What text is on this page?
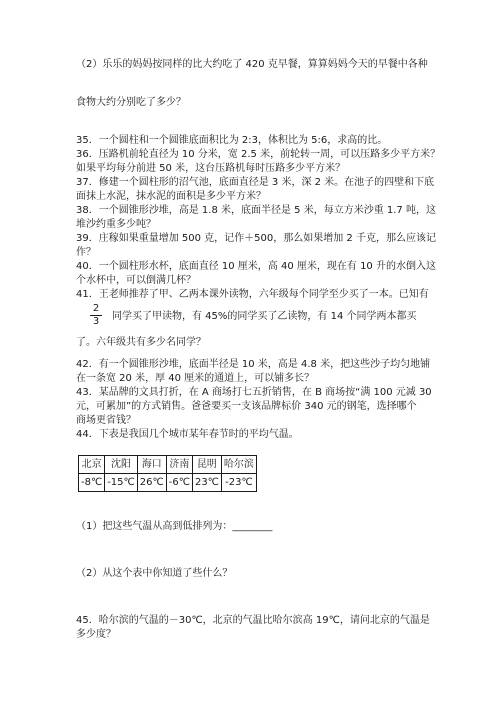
（2）乐乐的妈妈按同样的比大约吃了 420 克早餐，算算妈妈今天的早餐中各种
食物大约分别吃了多少？
35．一个圆柱和一个圆锥底面积比为 2:3，体积比为 5:6，求高的比。
36．压路机前轮直径为 10 分米，宽 2.5 米，前轮转一周，可以压路多少平方米？
如果平均每分前进 50 米，这台压路机每时压路多少平方米？
37．修建一个圆柱形的沼气池，底面直径是 3 米，深 2 米。在池子的四壁和下底
面抹上水泥，抹水泥的面积是多少平方米？
38．一个圆锥形沙堆，高是 1.8 米，底面半径是 5 米，每立方米沙重 1.7 吨，这
堆沙约重多少吨？
39．庄稼如果重量增加 500 克，记作＋500，那么如果增加 2 千克，那么应该记
作？
40．一个圆柱形水杯，底面直径 10 厘米，高 40 厘米，现在有 10 升的水倒入这
个水杯中，可以倒满几杯？
41．王老师推荐了甲、乙两本课外读物，六年级每个同学至少买了一本。已知有
$\frac{2}{3}$ 同学买了甲读物，有 45%的同学买了乙读物，有 14 个同学两本都买
了。六年级共有多少名同学？
42．有一个圆锥形沙堆，底面半径是 10 米，高是 4.8 米，把这些沙子均匀地铺
在一条宽 20 米，厚 40 厘米的通道上，可以铺多长？
43．某品牌的文具打折，在 A 商场打七五折销售，在 B 商场按“满 100 元减 30
元，可累加”的方式销售。爸爸要买一支该品牌标价 340 元的钢笔，选择哪个
商场更省钱？
44．下表是我国几个城市某年春节时的平均气温。
北京	沈阳	海口	济南	昆明	哈尔滨
-8℃	-15℃	26℃	-6℃	23℃	-23℃
（1）把这些气温从高到低排列为：________
（2）从这个表中你知道了些什么？
45．哈尔滨的气温的－30℃，北京的气温比哈尔滨高 19℃，请问北京的气温是
多少度？
